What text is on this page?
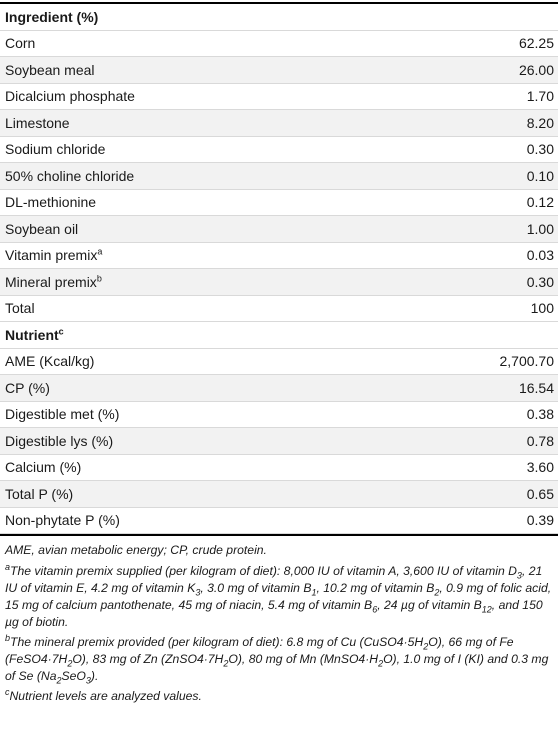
Ingredient (%)
Corn	62.25
Soybean meal	26.00
Dicalcium phosphate	1.70
Limestone	8.20
Sodium chloride	0.30
50% choline chloride	0.10
DL-methionine	0.12
Soybean oil	1.00
Vitamin premix$^a$	0.03
Mineral premix$^b$	0.30
Total	100
Nutrient$^c$
AME (Kcal/kg)	2,700.70
CP (%)	16.54
Digestible met (%)	0.38
Digestible lys (%)	0.78
Calcium (%)	3.60
Total P (%)	0.65
Non-phytate P (%)	0.39

AME, avian metabolic energy; CP, crude protein.

$^a$The vitamin premix supplied (per kilogram of diet): 8,000 IU of vitamin A, 3,600 IU of vitamin $D_3$, 21 IU of vitamin E, 4.2 mg of vitamin $K_3$, 3.0 mg of vitamin $B_1$, 10.2 mg of vitamin $B_2$, 0.9 mg of folic acid, 15 mg of calcium pantothenate, 45 mg of niacin, 5.4 mg of vitamin $B_6$, 24 µg of vitamin $B_{12}$, and 150 µg of biotin.

$^b$The mineral premix provided (per kilogram of diet): 6.8 mg of Cu $(CuSO4\cdot 5H_2O)$, 66 mg of Fe $(FeSO4\cdot 7H_2O)$, 83 mg of Zn $(ZnSO4\cdot 7H_2O)$, 80 mg of Mn $(MnSO4\cdot H_2O)$, 1.0 mg of I (KI) and 0.3 mg of Se $(Na_2SeO_3)$.

$^c$Nutrient levels are analyzed values.
